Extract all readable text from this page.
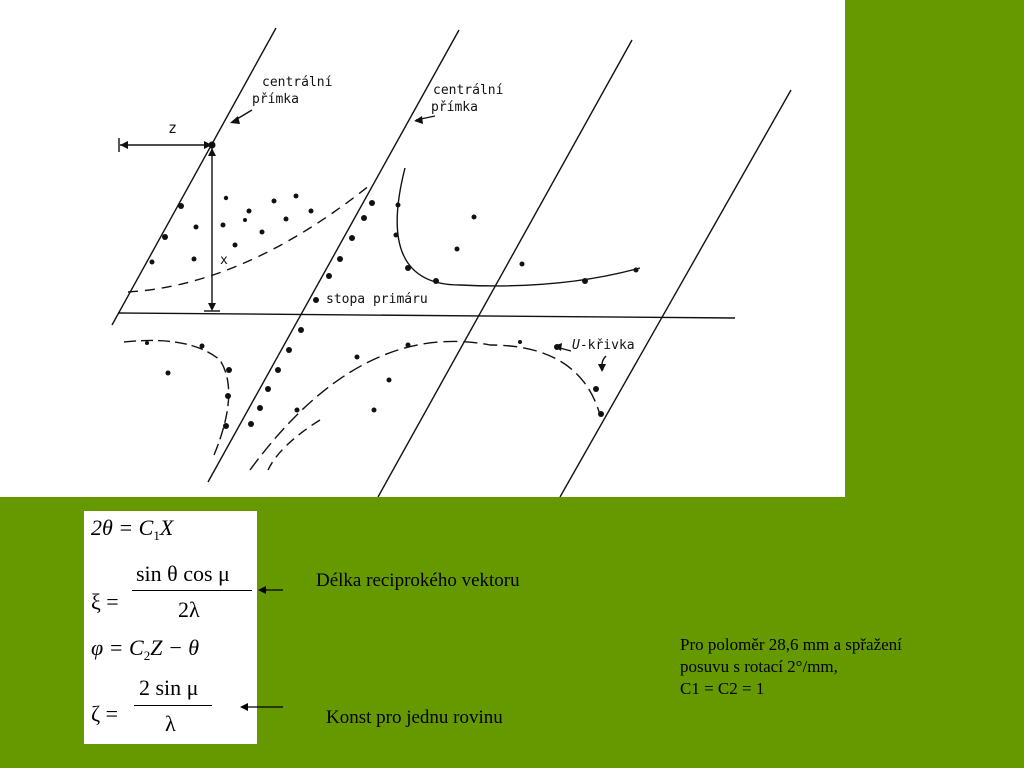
centrální
přímka
centrální
přímka
z
x
stopa primáru
U-křivka
$2\theta = C_1X$
ξ =
sin θ cos μ
2λ
$\varphi = C_2Z - \theta$
ζ =
2 sin μ
λ
Délka reciprokého vektoru
Konst pro jednu rovinu
Pro poloměr 28,6 mm a spřažení
posuvu s rotací 2°/mm,
C1 = C2 = 1
